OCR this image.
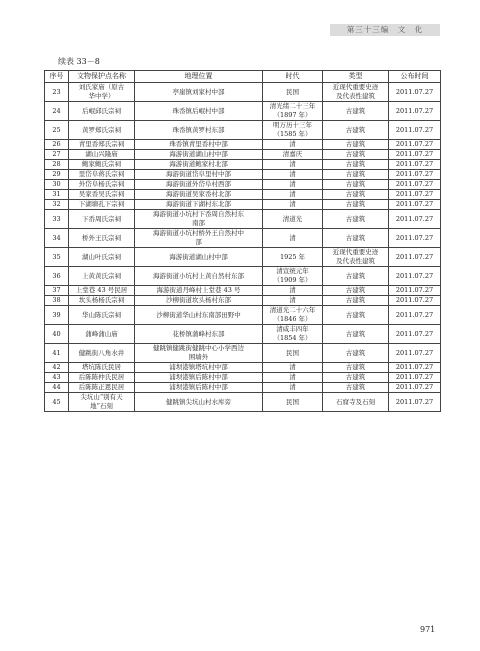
第三十三编　文　化
续表 33－8
序号	文物保护点名称	地理位置	时代	类型	公布时间

23	刘氏家庙（原古
华中学）	亭崖镇刘家村中部	民国	近现代重要史迹
及代表性建筑	2011.07.27

24	后岷邱氏宗祠	珠岙镇后岷村中部	清光绪二十三年
（1897 年）	古建筑	2011.07.27

25	黄罗郑氏宗祠	珠岙镇黄罗村东部	明万历十三年
（1585 年）	古建筑	2011.07.27

26	青里岙郑氏宗祠	珠岙镇青里岙村中部	清	古建筑	2011.07.27

27	湖山兴隆庙	海游街道湖山村中部	清嘉庆	古建筑	2011.07.27

28	鲍家鲍氏宗祠	海游街道鲍家村北部	清	古建筑	2011.07.27

29	里岱阜蒋氏宗祠	海游街道岱阜里村中部	清	古建筑	2011.07.27

30	外岱阜杨氏宗祠	海游街道外岱阜村西部	清	古建筑	2011.07.27

31	吴家岙吴氏宗祠	海游街道吴家岙村北部	清	古建筑	2011.07.27

32	下湖塘孔下宗祠	海游街道下湖村东北部	清	古建筑	2011.07.27

33	下岙周氏宗祠	海游街道小坑村下岙周自然村东
南部	清道光	古建筑	2011.07.27

34	桥外王氏宗祠	海游街道小坑村桥外王自然村中
部	清	古建筑	2011.07.27

35	湖山叶氏宗祠	海游街道湖山村中部	1925 年	近现代重要史迹
及代表性建筑	2011.07.27

36	上黄黄氏宗祠	海游街道小坑村上黄自然村东部	清宣统元年
（1909 年）	古建筑	2011.07.27

37	上堂巷 43 号民居	海游街道丹峰村上堂巷 43 号	清	古建筑	2011.07.27

38	坎头杨杨氏宗祠	沙柳街道坎头杨村东部	清	古建筑	2011.07.27

39	华山陈氏宗祠	沙柳街道华山村东南部田野中	清道光二十六年
（1846 年）	古建筑	2011.07.27

40	蒲峰蒲山庙	花桥镇蒲峰村东部	清咸丰四年
（1854 年）	古建筑	2011.07.27

41	健跳街八角水井	健跳镇健跳街健跳中心小学西边
围墙外	民国	古建筑	2011.07.27

42	塔坑陈氏民居	浦坝港镇塔坑村中部	清	古建筑	2011.07.27

43	后陈陈仲氏民居	浦坝港镇后陈村中部	清	古建筑	2011.07.27

44	后陈陈正恩民居	浦坝港镇后陈村中部	清	古建筑	2011.07.27

45	尖坑山“别有天
地”石刻	健跳镇尖坑山村水库旁	民国	石窟寺及石刻	2011.07.27
971
